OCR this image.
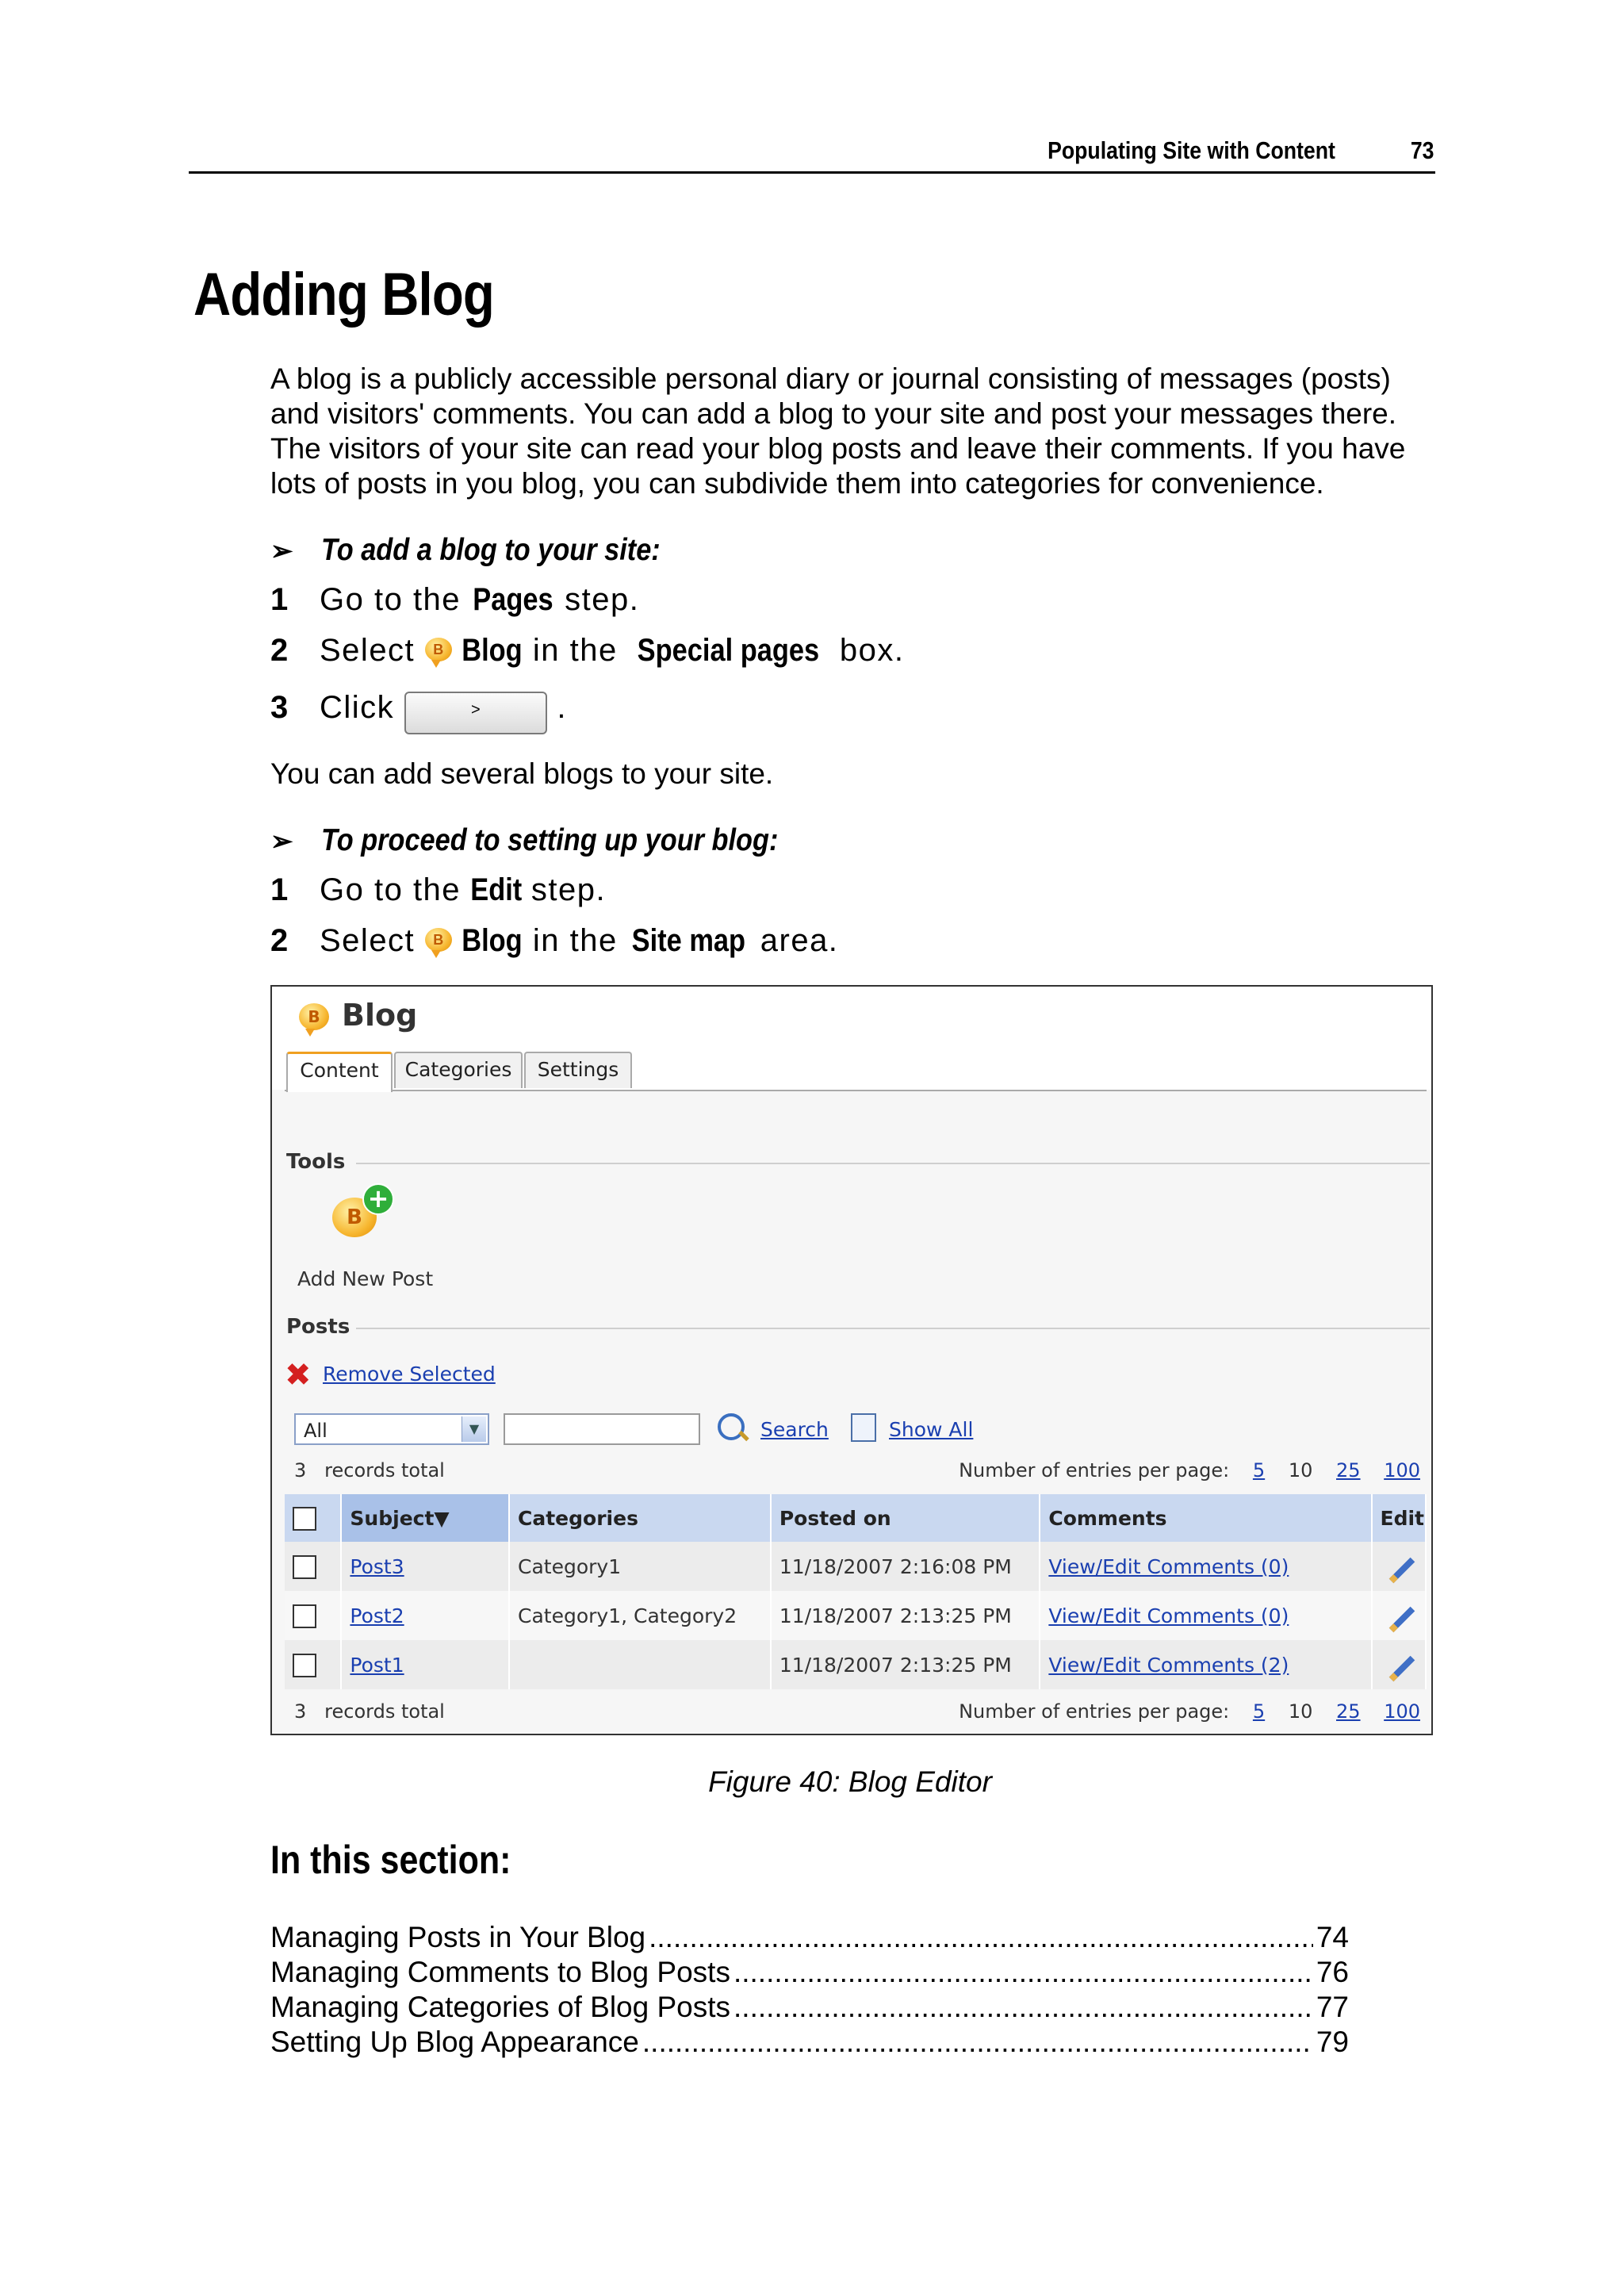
Populating Site with Content	73
Adding Blog
A blog is a publicly accessible personal diary or journal consisting of messages (posts) and visitors' comments. You can add a blog to your site and post your messages there. The visitors of your site can read your blog posts and leave their comments. If you have lots of posts in you blog, you can subdivide them into categories for convenience.
➢ To add a blog to your site:
1 Go to the Pages step.
2 Select B Blog in the Special pages box.
3 Click	> .
You can add several blogs to your site.
➢ To proceed to setting up your blog:
1 Go to the Edit step.
2 Select B Blog in the Site map area.
B Blog
Content	Categories	Settings
Tools
B
+
Add New Post
Posts
✖ Remove Selected
All	▼	Search	Show All
3 records total	Number of entries per page: 5 10 25 100
	Subject▼	Categories	Posted on	Comments	Edit
	Post3	Category1	11/18/2007 2:16:08 PM	View/Edit Comments (0)	
	Post2	Category1, Category2	11/18/2007 2:13:25 PM	View/Edit Comments (0)	
	Post1		11/18/2007 2:13:25 PM	View/Edit Comments (2)	
3 records total	Number of entries per page: 5 10 25 100
Figure 40: Blog Editor
In this section:
Managing Posts in Your Blog .....	74
Managing Comments to Blog Posts .....	76
Managing Categories of Blog Posts .....	77
Setting Up Blog Appearance .....	79
